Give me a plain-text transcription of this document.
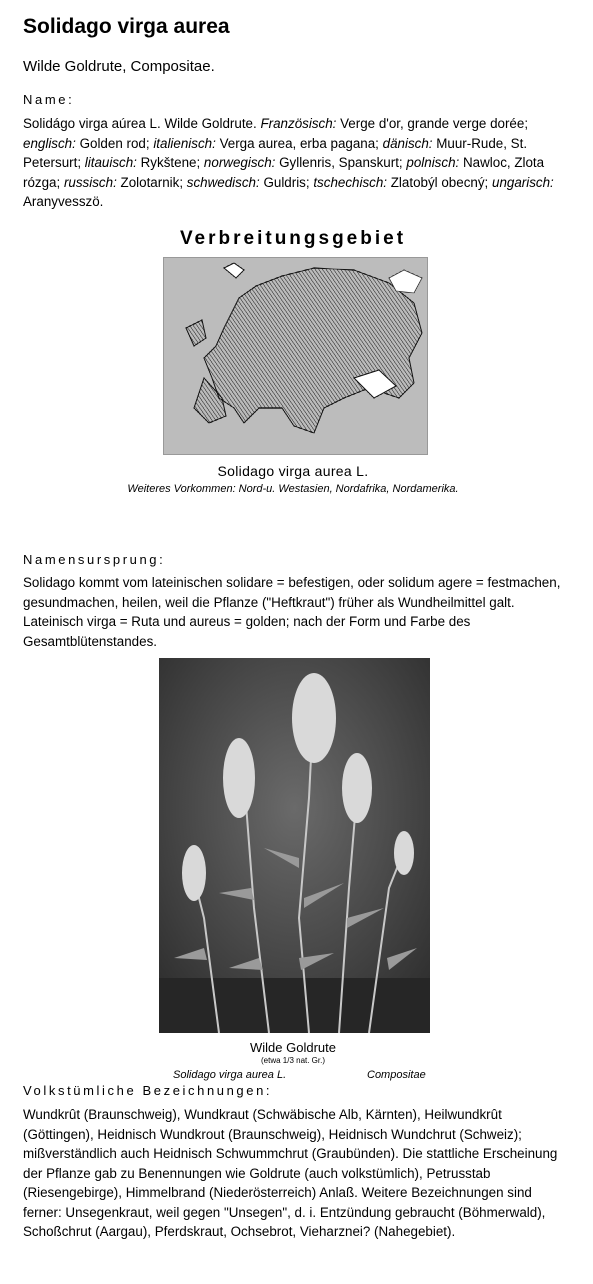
Solidago virga aurea
Wilde Goldrute, Compositae.
Name:
Solidágo virga aúrea L. Wilde Goldrute. Französisch: Verge d'or, grande verge dorée; englisch: Golden rod; italienisch: Verga aurea, erba pagana; dänisch: Muur-Rude, St. Petersurt; litauisch: Rykštene; norwegisch: Gyllenris, Spanskurt; polnisch: Nawloc, Zlota rózga; russisch: Zolotarnik; schwedisch: Guldris; tschechisch: Zlatobýl obecný; ungarisch: Aranyvesszö.
Verbreitungsgebiet
Solidago virga aurea L.
Weiteres Vorkommen: Nord-u. Westasien, Nordafrika, Nordamerika.
Namensursprung:
Solidago kommt vom lateinischen solidare = befestigen, oder solidum agere = festmachen, gesundmachen, heilen, weil die Pflanze ("Heftkraut") früher als Wundheilmittel galt. Lateinisch virga = Ruta und aureus = golden; nach der Form und Farbe des Gesamtblütenstandes.
Wilde Goldrute
(etwa 1/3 nat. Gr.)
Solidago virga aurea L.	Compositae
Volkstümliche Bezeichnungen:
Wundkrût (Braunschweig), Wundkraut (Schwäbische Alb, Kärnten), Heilwundkrût (Göttingen), Heidnisch Wundkrout (Braunschweig), Heidnisch Wundchrut (Schweiz); mißverständlich auch Heidnisch Schwummchrut (Graubünden). Die stattliche Erscheinung der Pflanze gab zu Benennungen wie Goldrute (auch volkstümlich), Petrusstab (Riesengebirge), Himmelbrand (Niederösterreich) Anlaß. Weitere Bezeichnungen sind ferner: Unsegenkraut, weil gegen "Unsegen", d. i. Entzündung gebraucht (Böhmerwald), Schoßchrut (Aargau), Pferdskraut, Ochsebrot, Vieharznei? (Nahegebiet).
